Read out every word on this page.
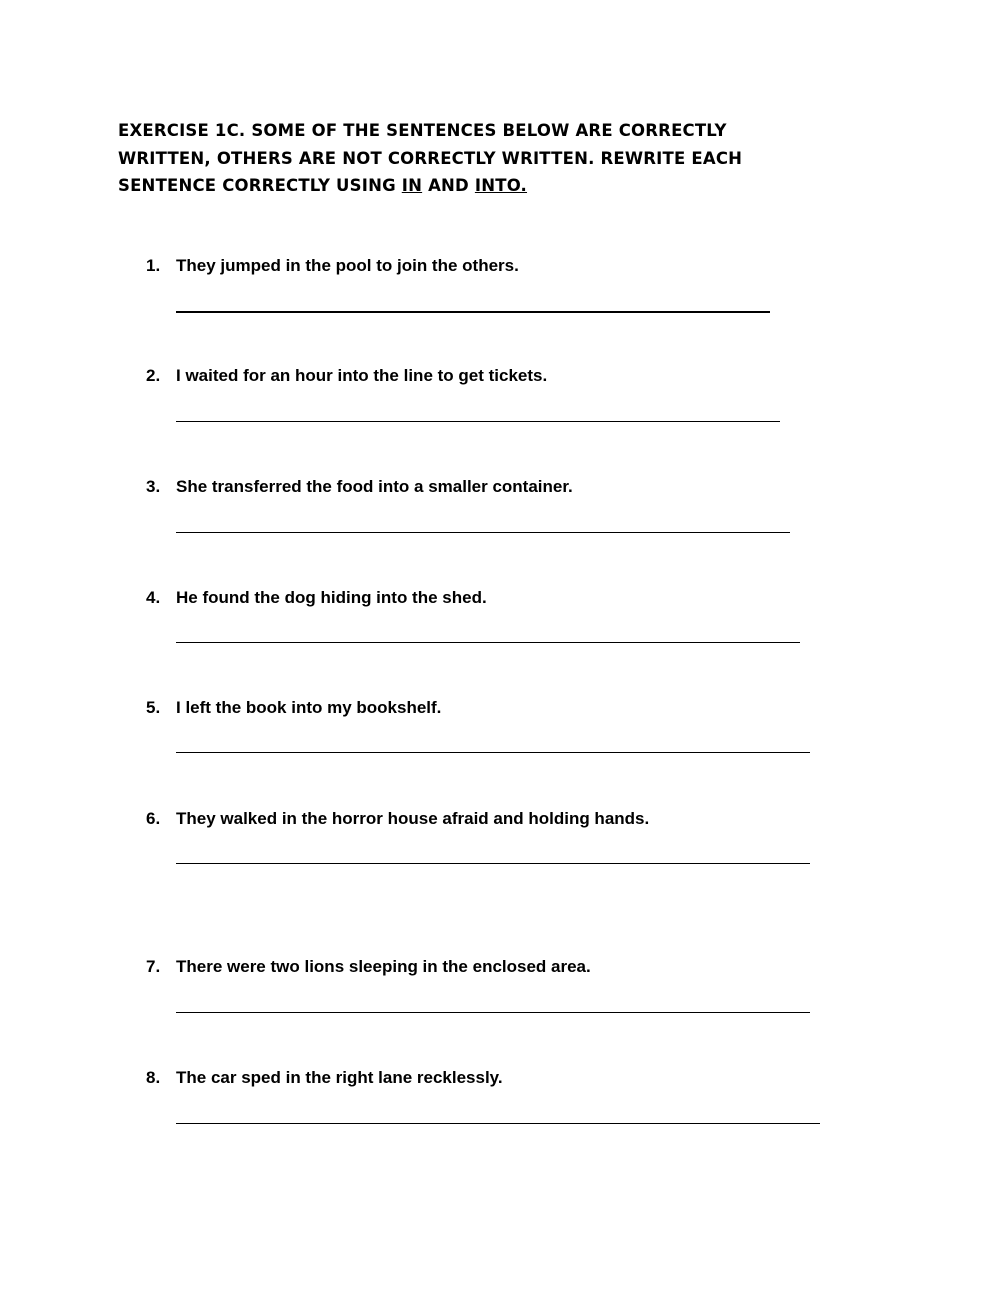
EXERCISE 1C. SOME OF THE SENTENCES BELOW ARE CORRECTLY WRITTEN, OTHERS ARE NOT CORRECTLY WRITTEN. REWRITE EACH SENTENCE CORRECTLY USING IN AND INTO.

1. They jumped in the pool to join the others.
2. I waited for an hour into the line to get tickets.
3. She transferred the food into a smaller container.
4. He found the dog hiding into the shed.
5. I left the book into my bookshelf.
6. They walked in the horror house afraid and holding hands.
7. There were two lions sleeping in the enclosed area.
8. The car sped in the right lane recklessly.
